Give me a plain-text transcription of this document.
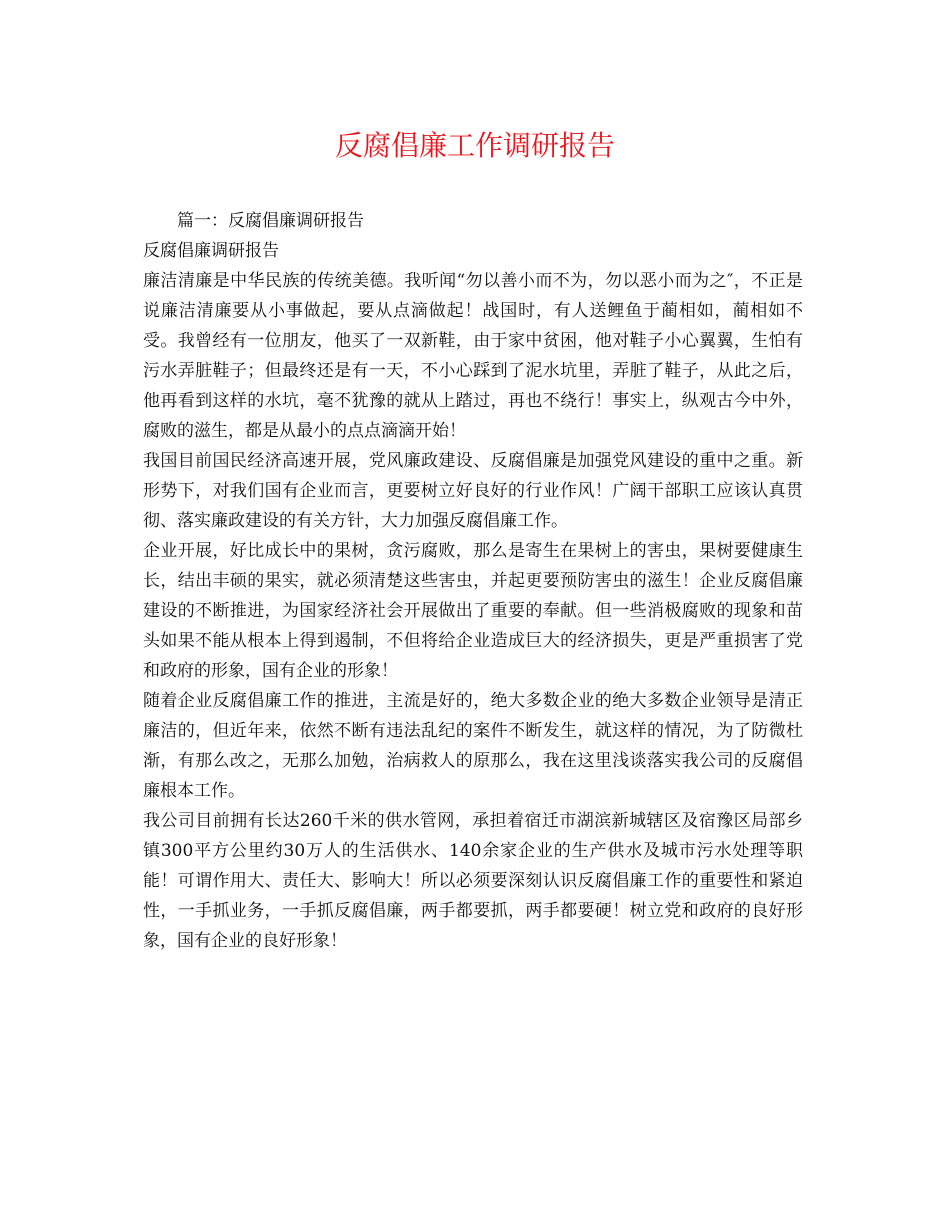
反腐倡廉工作调研报告

篇一：反腐倡廉调研报告

反腐倡廉调研报告

廉洁清廉是中华民族的传统美德。我听闻“勿以善小而不为，勿以恶小而为之″，不正是说廉洁清廉要从小事做起，要从点滴做起！战国时，有人送鲤鱼于蔺相如，蔺相如不受。我曾经有一位朋友，他买了一双新鞋，由于家中贫困，他对鞋子小心翼翼，生怕有污水弄脏鞋子；但最终还是有一天，不小心踩到了泥水坑里，弄脏了鞋子，从此之后，他再看到这样的水坑，毫不犹豫的就从上踏过，再也不绕行！事实上，纵观古今中外，腐败的滋生，都是从最小的点点滴滴开始！

我国目前国民经济高速开展，党风廉政建设、反腐倡廉是加强党风建设的重中之重。新形势下，对我们国有企业而言，更要树立好良好的行业作风！广阔干部职工应该认真贯彻、落实廉政建设的有关方针，大力加强反腐倡廉工作。

企业开展，好比成长中的果树，贪污腐败，那么是寄生在果树上的害虫，果树要健康生长，结出丰硕的果实，就必须清楚这些害虫，并起更要预防害虫的滋生！企业反腐倡廉建设的不断推进，为国家经济社会开展做出了重要的奉献。但一些消极腐败的现象和苗头如果不能从根本上得到遏制，不但将给企业造成巨大的经济损失，更是严重损害了党和政府的形象，国有企业的形象！

随着企业反腐倡廉工作的推进，主流是好的，绝大多数企业的绝大多数企业领导是清正廉洁的，但近年来，依然不断有违法乱纪的案件不断发生，就这样的情况，为了防微杜渐，有那么改之，无那么加勉，治病救人的原那么，我在这里浅谈落实我公司的反腐倡廉根本工作。

我公司目前拥有长达260千米的供水管网，承担着宿迁市湖滨新城辖区及宿豫区局部乡镇300平方公里约30万人的生活供水、140余家企业的生产供水及城市污水处理等职能！可谓作用大、责任大、影响大！所以必须要深刻认识反腐倡廉工作的重要性和紧迫性，一手抓业务，一手抓反腐倡廉，两手都要抓，两手都要硬！树立党和政府的良好形象，国有企业的良好形象！
